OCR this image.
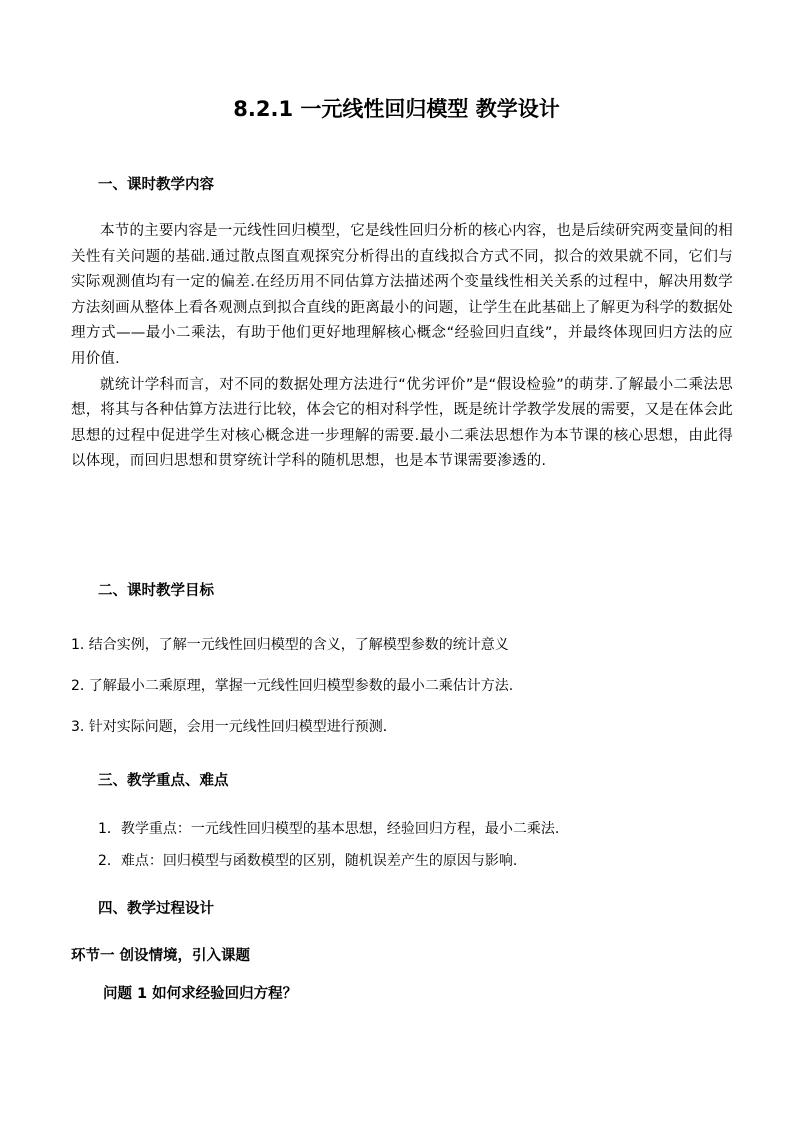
8.2.1 一元线性回归模型 教学设计
一、课时教学内容

本节的主要内容是一元线性回归模型，它是线性回归分析的核心内容，也是后续研究两变量间的相关性有关问题的基础.通过散点图直观探究分析得出的直线拟合方式不同，拟合的效果就不同，它们与实际观测值均有一定的偏差.在经历用不同估算方法描述两个变量线性相关关系的过程中，解决用数学方法刻画从整体上看各观测点到拟合直线的距离最小的问题，让学生在此基础上了解更为科学的数据处理方式——最小二乘法，有助于他们更好地理解核心概念“经验回归直线”，并最终体现回归方法的应用价值.

就统计学科而言，对不同的数据处理方法进行“优劣评价”是“假设检验”的萌芽.了解最小二乘法思想，将其与各种估算方法进行比较，体会它的相对科学性，既是统计学教学发展的需要，又是在体会此思想的过程中促进学生对核心概念进一步理解的需要.最小二乘法思想作为本节课的核心思想，由此得以体现，而回归思想和贯穿统计学科的随机思想，也是本节课需要渗透的.

二、课时教学目标
1. 结合实例，了解一元线性回归模型的含义，了解模型参数的统计意义
2. 了解最小二乘原理，掌握一元线性回归模型参数的最小二乘估计方法.
3. 针对实际问题，会用一元线性回归模型进行预测．
三、教学重点、难点
1．教学重点：一元线性回归模型的基本思想，经验回归方程，最小二乘法.
2．难点：回归模型与函数模型的区别，随机误差产生的原因与影响.
四、教学过程设计
环节一 创设情境，引入课题
问题 1 如何求经验回归方程？
